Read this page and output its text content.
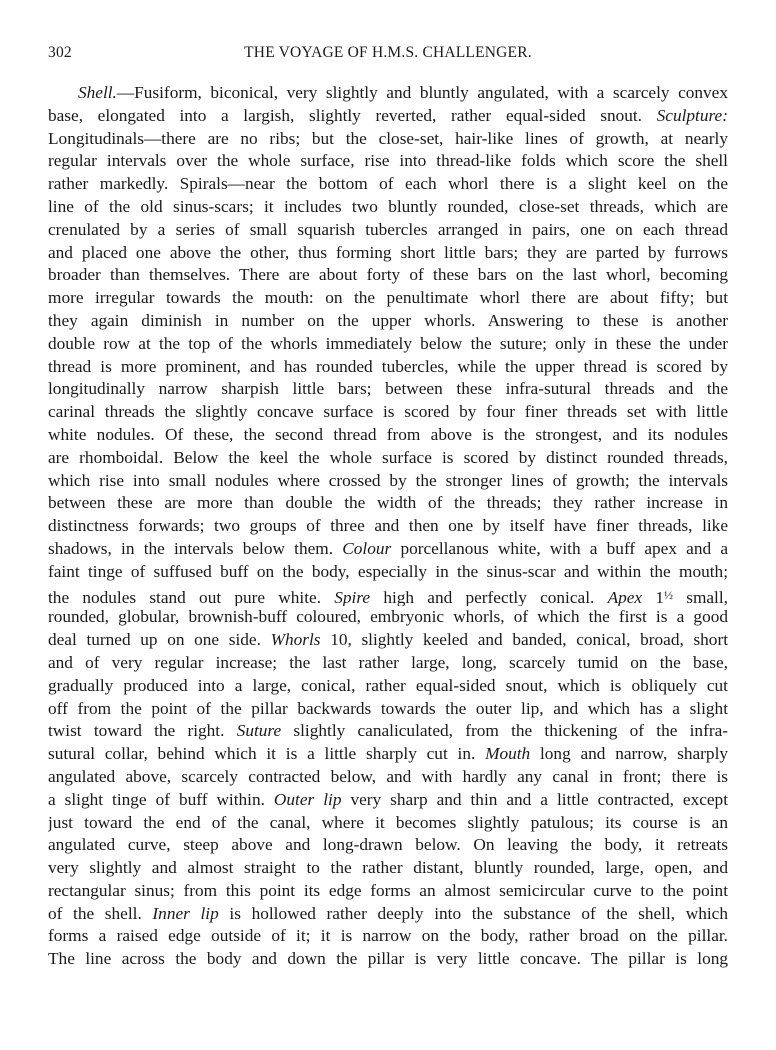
302	THE VOYAGE OF H.M.S. CHALLENGER.
Shell.—Fusiform, biconical, very slightly and bluntly angulated, with a scarcely convex
base, elongated into a largish, slightly reverted, rather equal-sided snout. Sculpture:
Longitudinals—there are no ribs; but the close-set, hair-like lines of growth, at nearly
regular intervals over the whole surface, rise into thread-like folds which score the shell
rather markedly. Spirals—near the bottom of each whorl there is a slight keel on the
line of the old sinus-scars; it includes two bluntly rounded, close-set threads, which are
crenulated by a series of small squarish tubercles arranged in pairs, one on each thread
and placed one above the other, thus forming short little bars; they are parted by furrows
broader than themselves. There are about forty of these bars on the last whorl, becoming
more irregular towards the mouth: on the penultimate whorl there are about fifty; but
they again diminish in number on the upper whorls. Answering to these is another
double row at the top of the whorls immediately below the suture; only in these the under
thread is more prominent, and has rounded tubercles, while the upper thread is scored by
longitudinally narrow sharpish little bars; between these infra-sutural threads and the
carinal threads the slightly concave surface is scored by four finer threads set with little
white nodules. Of these, the second thread from above is the strongest, and its nodules
are rhomboidal. Below the keel the whole surface is scored by distinct rounded threads,
which rise into small nodules where crossed by the stronger lines of growth; the intervals
between these are more than double the width of the threads; they rather increase in
distinctness forwards; two groups of three and then one by itself have finer threads, like
shadows, in the intervals below them. Colour porcellanous white, with a buff apex and a
faint tinge of suffused buff on the body, especially in the sinus-scar and within the mouth;
the nodules stand out pure white. Spire high and perfectly conical. Apex $1^{\frac{1}{2}}$ small,
rounded, globular, brownish-buff coloured, embryonic whorls, of which the first is a good
deal turned up on one side. Whorls 10, slightly keeled and banded, conical, broad, short
and of very regular increase; the last rather large, long, scarcely tumid on the base,
gradually produced into a large, conical, rather equal-sided snout, which is obliquely cut
off from the point of the pillar backwards towards the outer lip, and which has a slight
twist toward the right. Suture slightly canaliculated, from the thickening of the infra-
sutural collar, behind which it is a little sharply cut in. Mouth long and narrow, sharply
angulated above, scarcely contracted below, and with hardly any canal in front; there is
a slight tinge of buff within. Outer lip very sharp and thin and a little contracted, except
just toward the end of the canal, where it becomes slightly patulous; its course is an
angulated curve, steep above and long-drawn below. On leaving the body, it retreats
very slightly and almost straight to the rather distant, bluntly rounded, large, open, and
rectangular sinus; from this point its edge forms an almost semicircular curve to the point
of the shell. Inner lip is hollowed rather deeply into the substance of the shell, which
forms a raised edge outside of it; it is narrow on the body, rather broad on the pillar.
The line across the body and down the pillar is very little concave. The pillar is long
